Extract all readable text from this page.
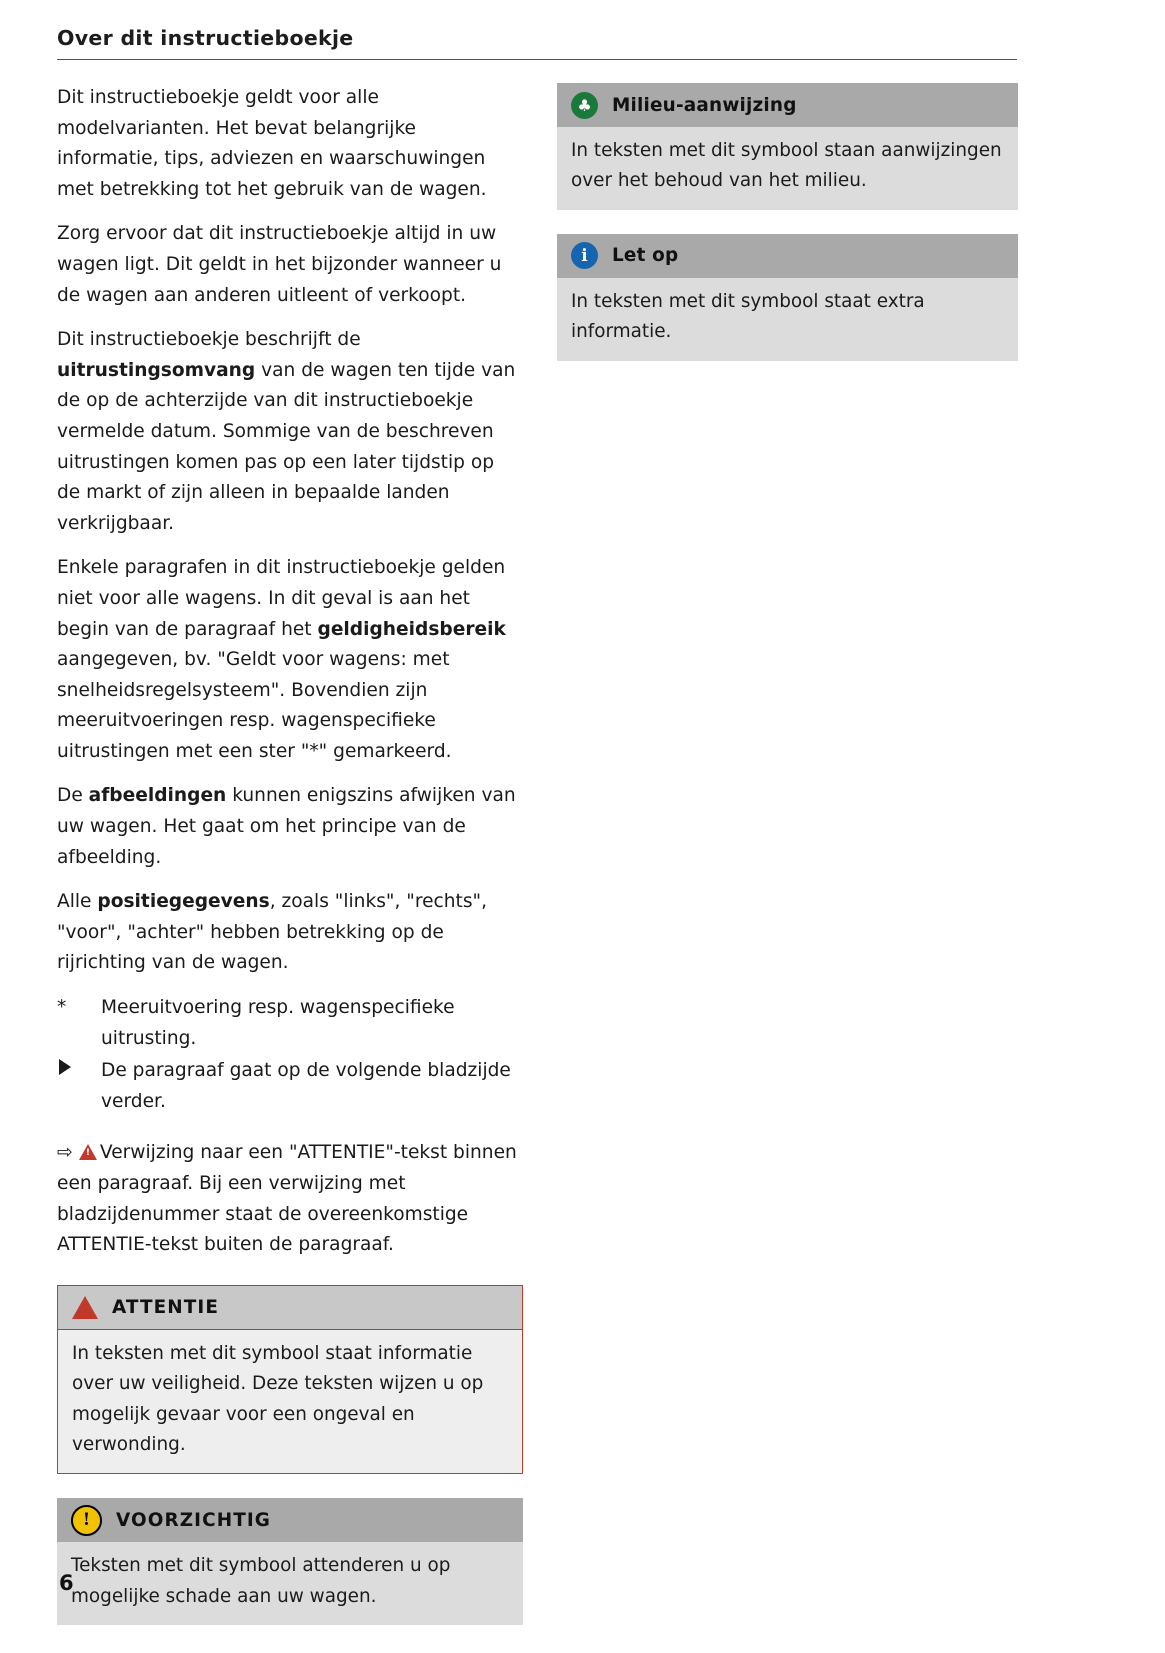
Over dit instructieboekje

Dit instructieboekje geldt voor alle modelvarianten. Het bevat belangrijke informatie, tips, adviezen en waarschuwingen met betrekking tot het gebruik van de wagen.

Zorg ervoor dat dit instructieboekje altijd in uw wagen ligt. Dit geldt in het bijzonder wanneer u de wagen aan anderen uitleent of verkoopt.

Dit instructieboekje beschrijft de uitrustingsomvang van de wagen ten tijde van de op de achterzijde van dit instructieboekje vermelde datum. Sommige van de beschreven uitrustingen komen pas op een later tijdstip op de markt of zijn alleen in bepaalde landen verkrijgbaar.

Enkele paragrafen in dit instructieboekje gelden niet voor alle wagens. In dit geval is aan het begin van de paragraaf het geldigheidsbereik aangegeven, bv. "Geldt voor wagens: met snelheidsregelsysteem". Bovendien zijn meeruitvoeringen resp. wagenspecifieke uitrustingen met een ster "*" gemarkeerd.

De afbeeldingen kunnen enigszins afwijken van uw wagen. Het gaat om het principe van de afbeelding.

Alle positiegegevens, zoals "links", "rechts", "voor", "achter" hebben betrekking op de rijrichting van de wagen.

*	Meeruitvoering resp. wagenspecifieke uitrusting.
De paragraaf gaat op de volgende bladzijde verder.

⇨ ! Verwijzing naar een "ATTENTIE"-tekst binnen een paragraaf. Bij een verwijzing met bladzijdenummer staat de overeenkomstige ATTENTIE-tekst buiten de paragraaf.

! ATTENTIE
In teksten met dit symbool staat informatie over uw veiligheid. Deze teksten wijzen u op mogelijk gevaar voor een ongeval en verwonding.
!	VOORZICHTIG
Teksten met dit symbool attenderen u op mogelijke schade aan uw wagen.
♣	Milieu-aanwijzing
In teksten met dit symbool staan aanwijzingen over het behoud van het milieu.
i	Let op
In teksten met dit symbool staat extra informatie.
6
